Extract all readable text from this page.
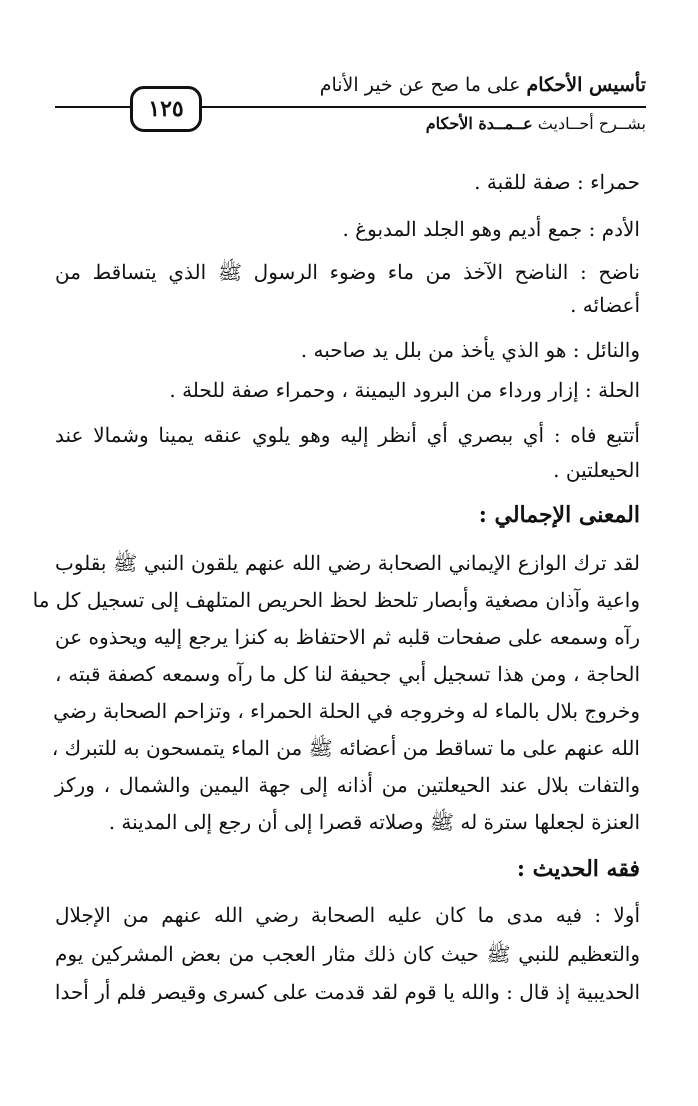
تأسيس الأحكام على ما صح عن خير الأنام
١٢٥
بشــرح أحــاديث عــمــدة الأحكام
حمراء : صفة للقبة .
الأدم : جمع أديم وهو الجلد المدبوغ .
ناضح : الناضح الآخذ من ماء وضوء الرسول ﷺ الذي يتساقط من
أعضائه .
والنائل : هو الذي يأخذ من بلل يد صاحبه .
الحلة : إزار ورداء من البرود اليمينة ، وحمراء صفة للحلة .
أتتبع فاه : أي ببصري أي أنظر إليه وهو يلوي عنقه يمينا وشمالا عند
الحيعلتين .
المعنى الإجمالي :
لقد ترك الوازع الإيماني الصحابة رضي الله عنهم يلقون النبي ﷺ بقلوب
واعية وآذان مصغية وأبصار تلحظ لحظ الحريص المتلهف إلى تسجيل كل ما
رآه وسمعه على صفحات قلبه ثم الاحتفاظ به كنزا يرجع إليه ويحذوه عن
الحاجة ، ومن هذا تسجيل أبي جحيفة لنا كل ما رآه وسمعه كصفة قبته ،
وخروج بلال بالماء له وخروجه في الحلة الحمراء ، وتزاحم الصحابة رضي
الله عنهم على ما تساقط من أعضائه ﷺ من الماء يتمسحون به للتبرك ،
والتفات بلال عند الحيعلتين من أذانه إلى جهة اليمين والشمال ، وركز
العنزة لجعلها سترة له ﷺ وصلاته قصرا إلى أن رجع إلى المدينة .
فقه الحديث :
أولا : فيه مدى ما كان عليه الصحابة رضي الله عنهم من الإجلال
والتعظيم للنبي ﷺ حيث كان ذلك مثار العجب من بعض المشركين يوم
الحديبية إذ قال : والله يا قوم لقد قدمت على كسرى وقيصر فلم أر أحدا
